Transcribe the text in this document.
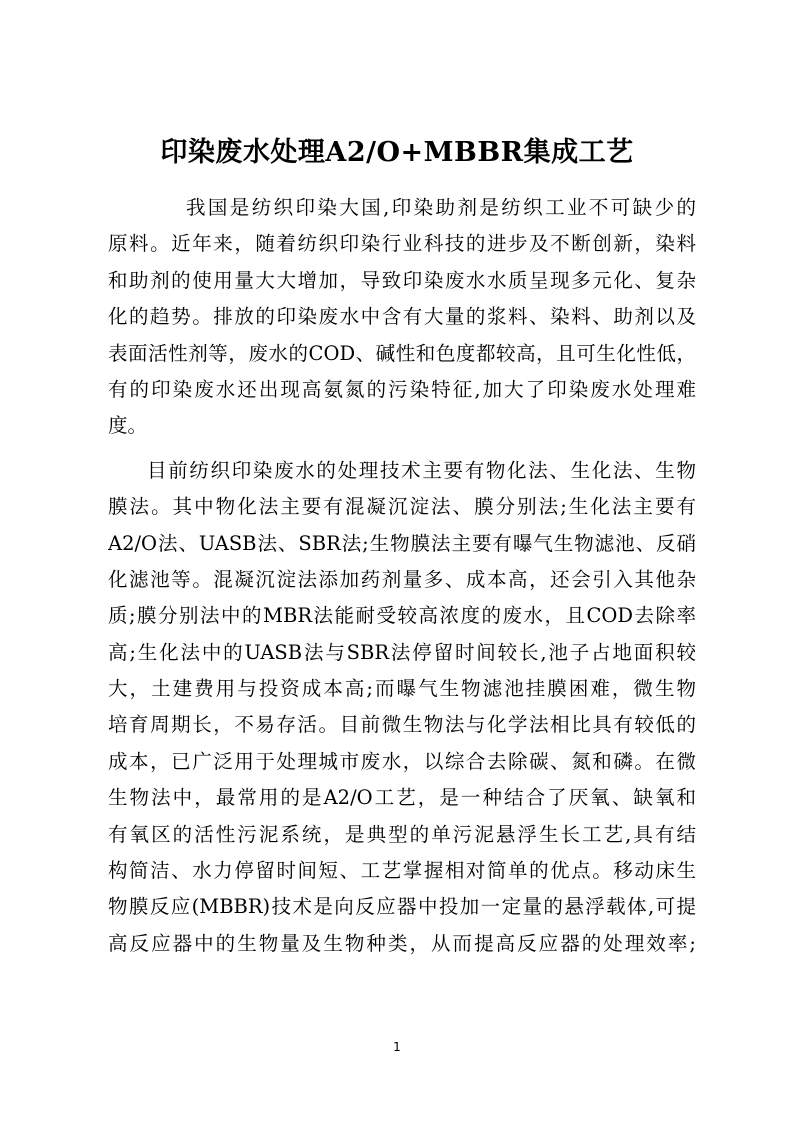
印染废水处理A2/O+MBBR集成工艺
我国是纺织印染大国,印染助剂是纺织工业不可缺少的
原料。近年来，随着纺织印染行业科技的进步及不断创新，染料
和助剂的使用量大大增加，导致印染废水水质呈现多元化、复杂
化的趋势。排放的印染废水中含有大量的浆料、染料、助剂以及
表面活性剂等，废水的COD、碱性和色度都较高，且可生化性低，
有的印染废水还出现高氨氮的污染特征,加大了印染废水处理难
度。
目前纺织印染废水的处理技术主要有物化法、生化法、生物
膜法。其中物化法主要有混凝沉淀法、膜分别法;生化法主要有
A2/O法、UASB法、SBR法;生物膜法主要有曝气生物滤池、反硝
化滤池等。混凝沉淀法添加药剂量多、成本高，还会引入其他杂
质;膜分别法中的MBR法能耐受较高浓度的废水，且COD去除率
高;生化法中的UASB法与SBR法停留时间较长,池子占地面积较
大，土建费用与投资成本高;而曝气生物滤池挂膜困难，微生物
培育周期长，不易存活。目前微生物法与化学法相比具有较低的
成本，已广泛用于处理城市废水，以综合去除碳、氮和磷。在微
生物法中，最常用的是A2/O工艺，是一种结合了厌氧、缺氧和
有氧区的活性污泥系统，是典型的单污泥悬浮生长工艺,具有结
构简洁、水力停留时间短、工艺掌握相对简单的优点。移动床生
物膜反应(MBBR)技术是向反应器中投加一定量的悬浮载体,可提
高反应器中的生物量及生物种类，从而提高反应器的处理效率;
1
